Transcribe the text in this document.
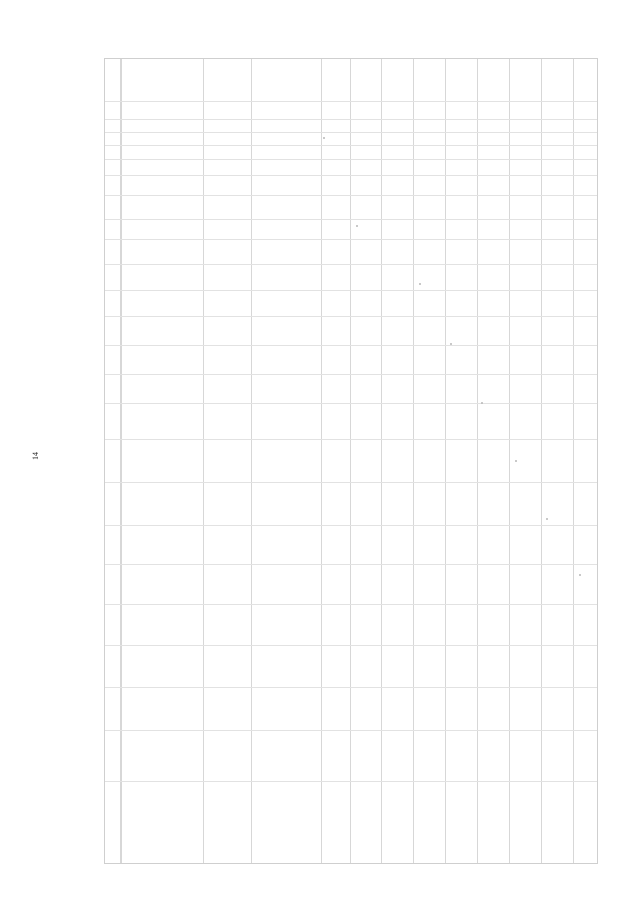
14
